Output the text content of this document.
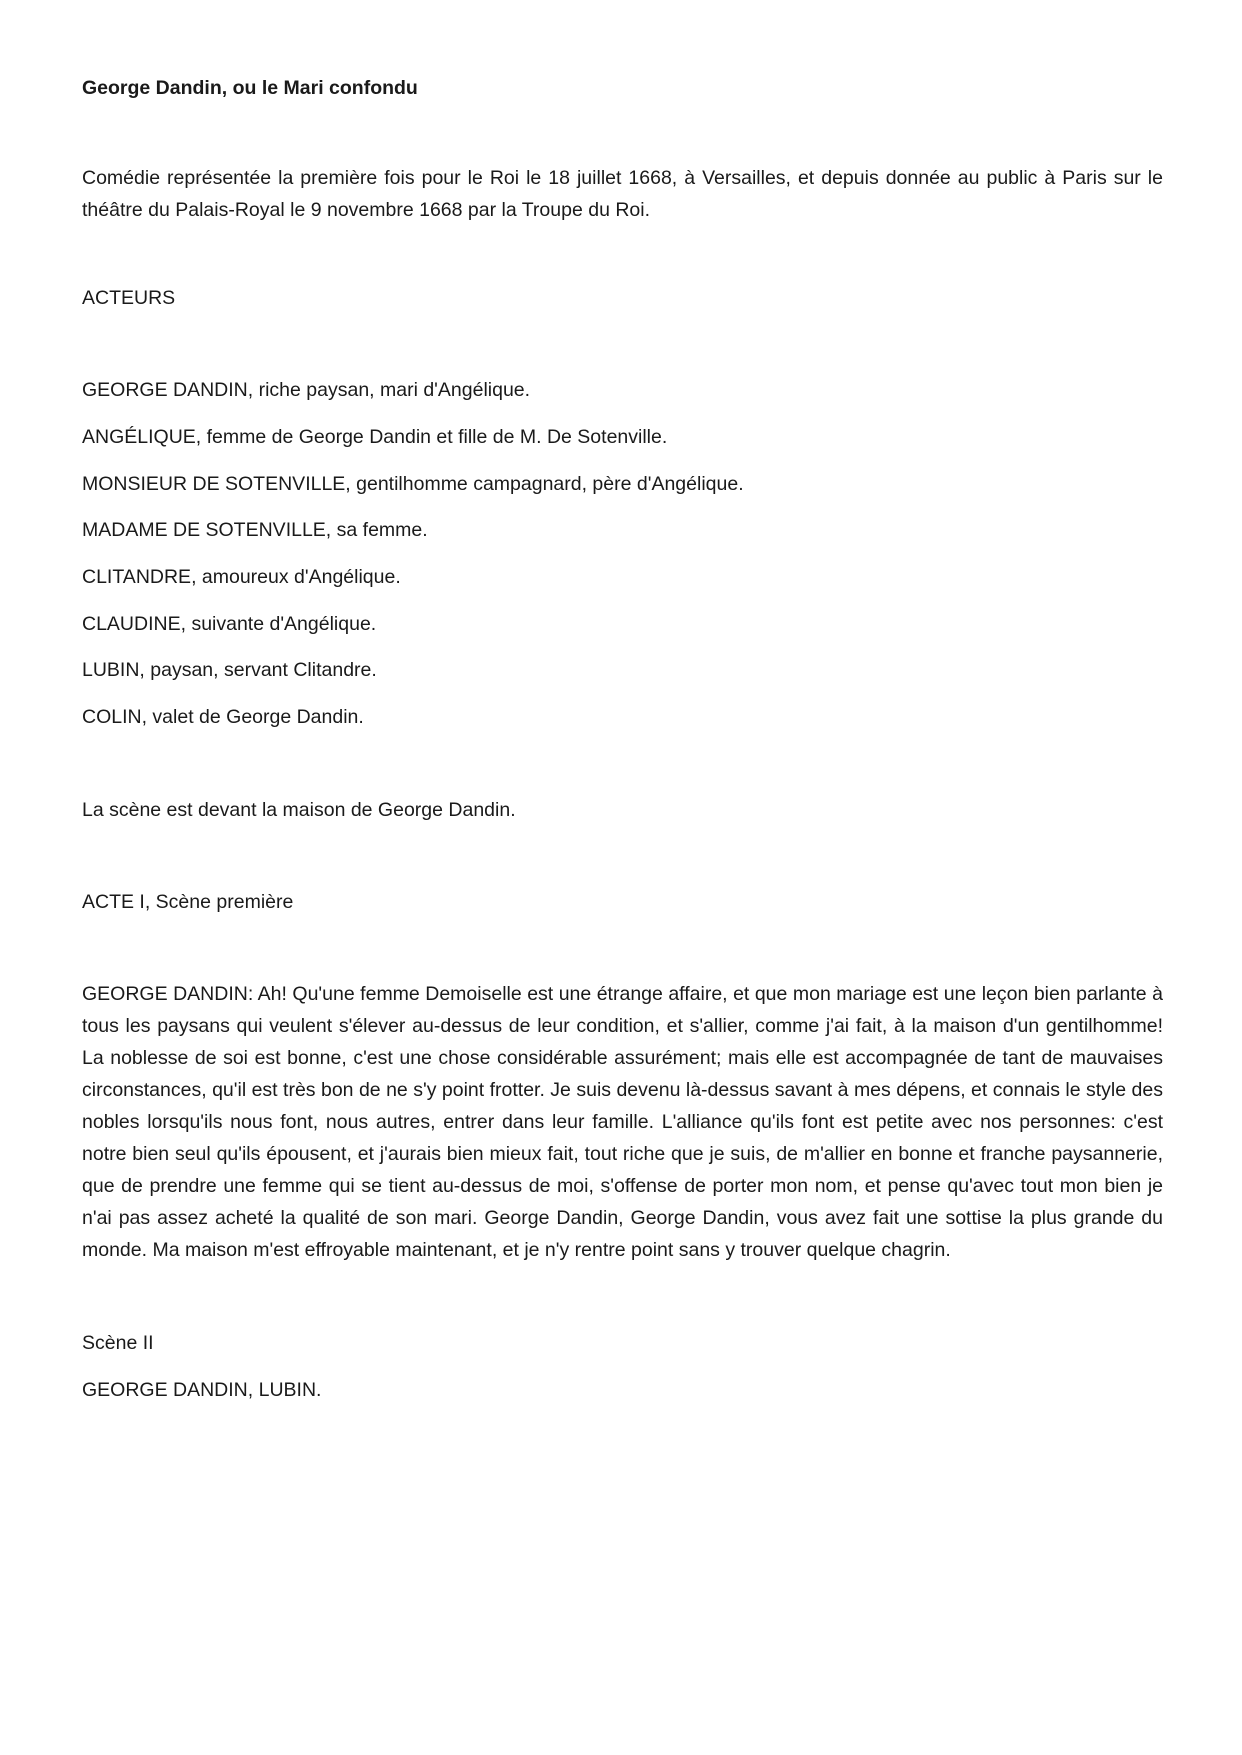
George Dandin, ou le Mari confondu

Comédie représentée la première fois pour le Roi le 18 juillet 1668, à Versailles, et depuis donnée au public à Paris sur le théâtre du Palais-Royal le 9 novembre 1668 par la Troupe du Roi.

ACTEURS

GEORGE DANDIN, riche paysan, mari d'Angélique.

ANGÉLIQUE, femme de George Dandin et fille de M. De Sotenville.

MONSIEUR DE SOTENVILLE, gentilhomme campagnard, père d'Angélique.

MADAME DE SOTENVILLE, sa femme.

CLITANDRE, amoureux d'Angélique.

CLAUDINE, suivante d'Angélique.

LUBIN, paysan, servant Clitandre.

COLIN, valet de George Dandin.

La scène est devant la maison de George Dandin.

ACTE I, Scène première

GEORGE DANDIN: Ah! Qu'une femme Demoiselle est une étrange affaire, et que mon mariage est une leçon bien parlante à tous les paysans qui veulent s'élever au-dessus de leur condition, et s'allier, comme j'ai fait, à la maison d'un gentilhomme! La noblesse de soi est bonne, c'est une chose considérable assurément; mais elle est accompagnée de tant de mauvaises circonstances, qu'il est très bon de ne s'y point frotter. Je suis devenu là-dessus savant à mes dépens, et connais le style des nobles lorsqu'ils nous font, nous autres, entrer dans leur famille. L'alliance qu'ils font est petite avec nos personnes: c'est notre bien seul qu'ils épousent, et j'aurais bien mieux fait, tout riche que je suis, de m'allier en bonne et franche paysannerie, que de prendre une femme qui se tient au-dessus de moi, s'offense de porter mon nom, et pense qu'avec tout mon bien je n'ai pas assez acheté la qualité de son mari. George Dandin, George Dandin, vous avez fait une sottise la plus grande du monde. Ma maison m'est effroyable maintenant, et je n'y rentre point sans y trouver quelque chagrin.

Scène II

GEORGE DANDIN, LUBIN.
